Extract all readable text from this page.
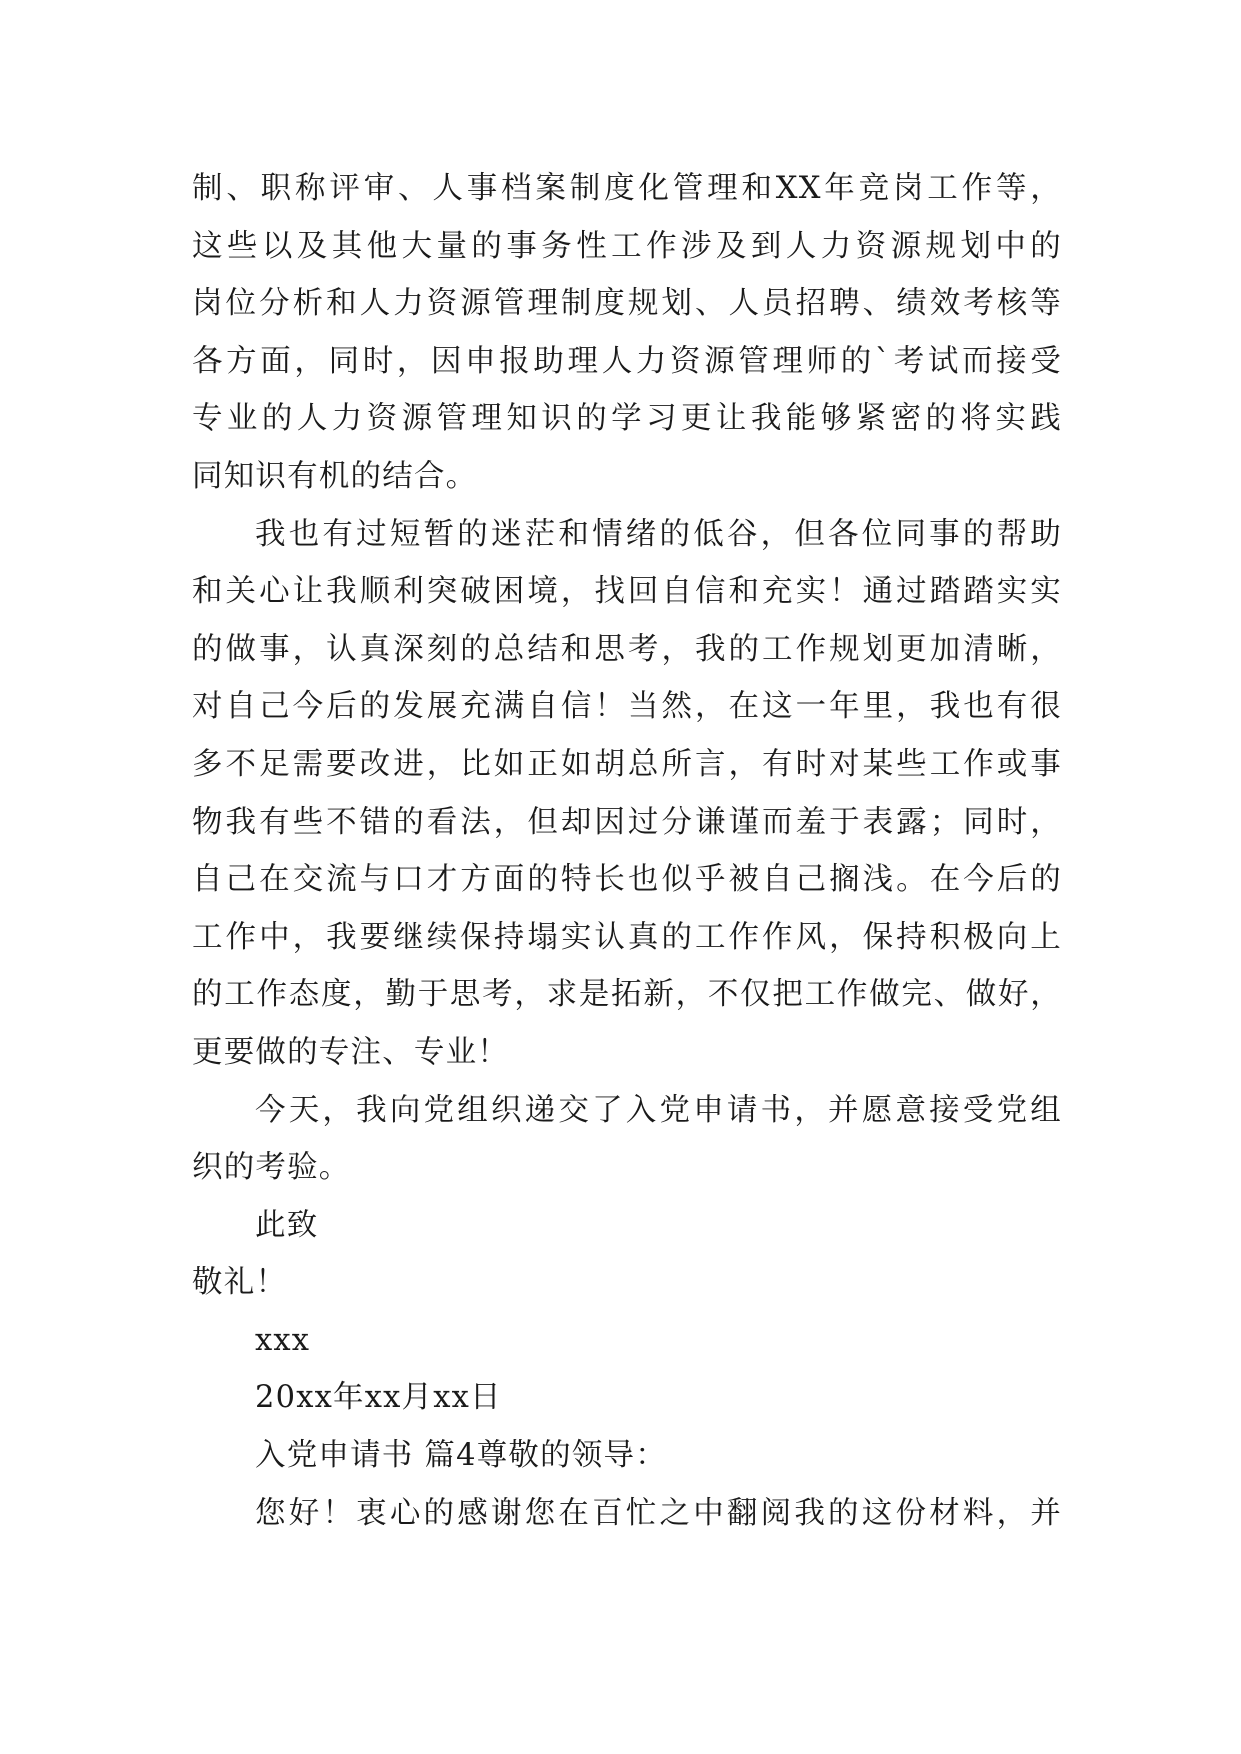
制、职称评审、人事档案制度化管理和XX年竞岗工作等，
这些以及其他大量的事务性工作涉及到人力资源规划中的
岗位分析和人力资源管理制度规划、人员招聘、绩效考核等
各方面，同时，因申报助理人力资源管理师的`考试而接受
专业的人力资源管理知识的学习更让我能够紧密的将实践
同知识有机的结合。
我也有过短暂的迷茫和情绪的低谷，但各位同事的帮助
和关心让我顺利突破困境，找回自信和充实！通过踏踏实实
的做事，认真深刻的总结和思考，我的工作规划更加清晰，
对自己今后的发展充满自信！当然，在这一年里，我也有很
多不足需要改进，比如正如胡总所言，有时对某些工作或事
物我有些不错的看法，但却因过分谦谨而羞于表露；同时，
自己在交流与口才方面的特长也似乎被自己搁浅。在今后的
工作中，我要继续保持塌实认真的工作作风，保持积极向上
的工作态度，勤于思考，求是拓新，不仅把工作做完、做好，
更要做的专注、专业！
今天，我向党组织递交了入党申请书，并愿意接受党组
织的考验。
此致
敬礼！
xxx
20xx年xx月xx日
入党申请书 篇4尊敬的领导：
您好！衷心的感谢您在百忙之中翻阅我的这份材料，并
